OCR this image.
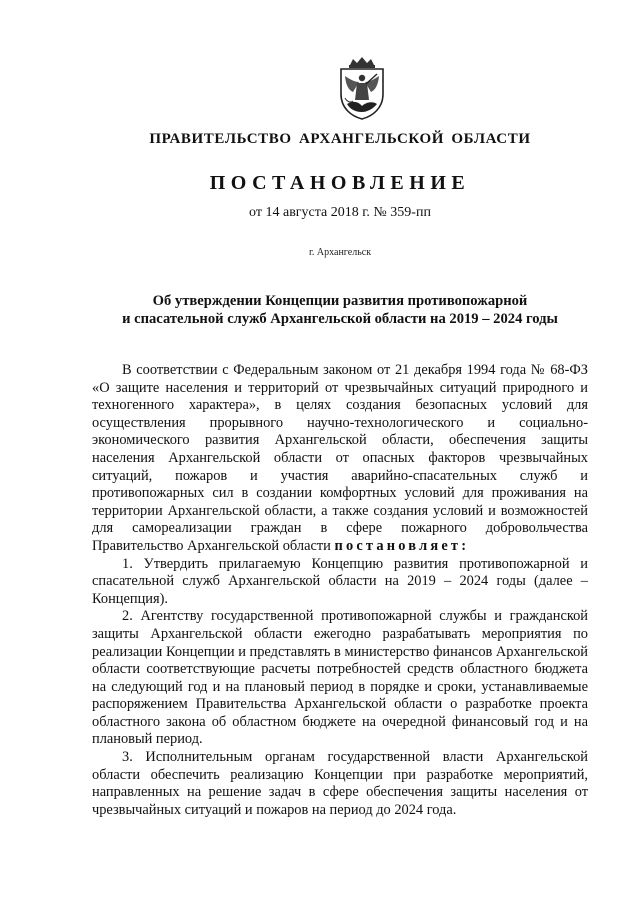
ПРАВИТЕЛЬСТВО АРХАНГЕЛЬСКОЙ ОБЛАСТИ
ПОСТАНОВЛЕНИЕ
от 14 августа 2018 г. № 359-пп
г. Архангельск
Об утверждении Концепции развития противопожарной
и спасательной служб Архангельской области на 2019 – 2024 годы

В соответствии с Федеральным законом от 21 декабря 1994 года № 68-ФЗ «О защите населения и территорий от чрезвычайных ситуаций природного и техногенного характера», в целях создания безопасных условий для осуществления прорывного научно-технологического и социально-экономического развития Архангельской области, обеспечения защиты населения Архангельской области от опасных факторов чрезвычайных ситуаций, пожаров и участия аварийно-спасательных служб и противопожарных сил в создании комфортных условий для проживания на территории Архангельской области, а также создания условий и возможностей для самореализации граждан в сфере пожарного добровольчества Правительство Архангельской области постановляет:

1. Утвердить прилагаемую Концепцию развития противопожарной и спасательной служб Архангельской области на 2019 – 2024 годы (далее – Концепция).

2. Агентству государственной противопожарной службы и гражданской защиты Архангельской области ежегодно разрабатывать мероприятия по реализации Концепции и представлять в министерство финансов Архангельской области соответствующие расчеты потребностей средств областного бюджета на следующий год и на плановый период в порядке и сроки, устанавливаемые распоряжением Правительства Архангельской области о разработке проекта областного закона об областном бюджете на очередной финансовый год и на плановый период.

3. Исполнительным органам государственной власти Архангельской области обеспечить реализацию Концепции при разработке мероприятий, направленных на решение задач в сфере обеспечения защиты населения от чрезвычайных ситуаций и пожаров на период до 2024 года.
